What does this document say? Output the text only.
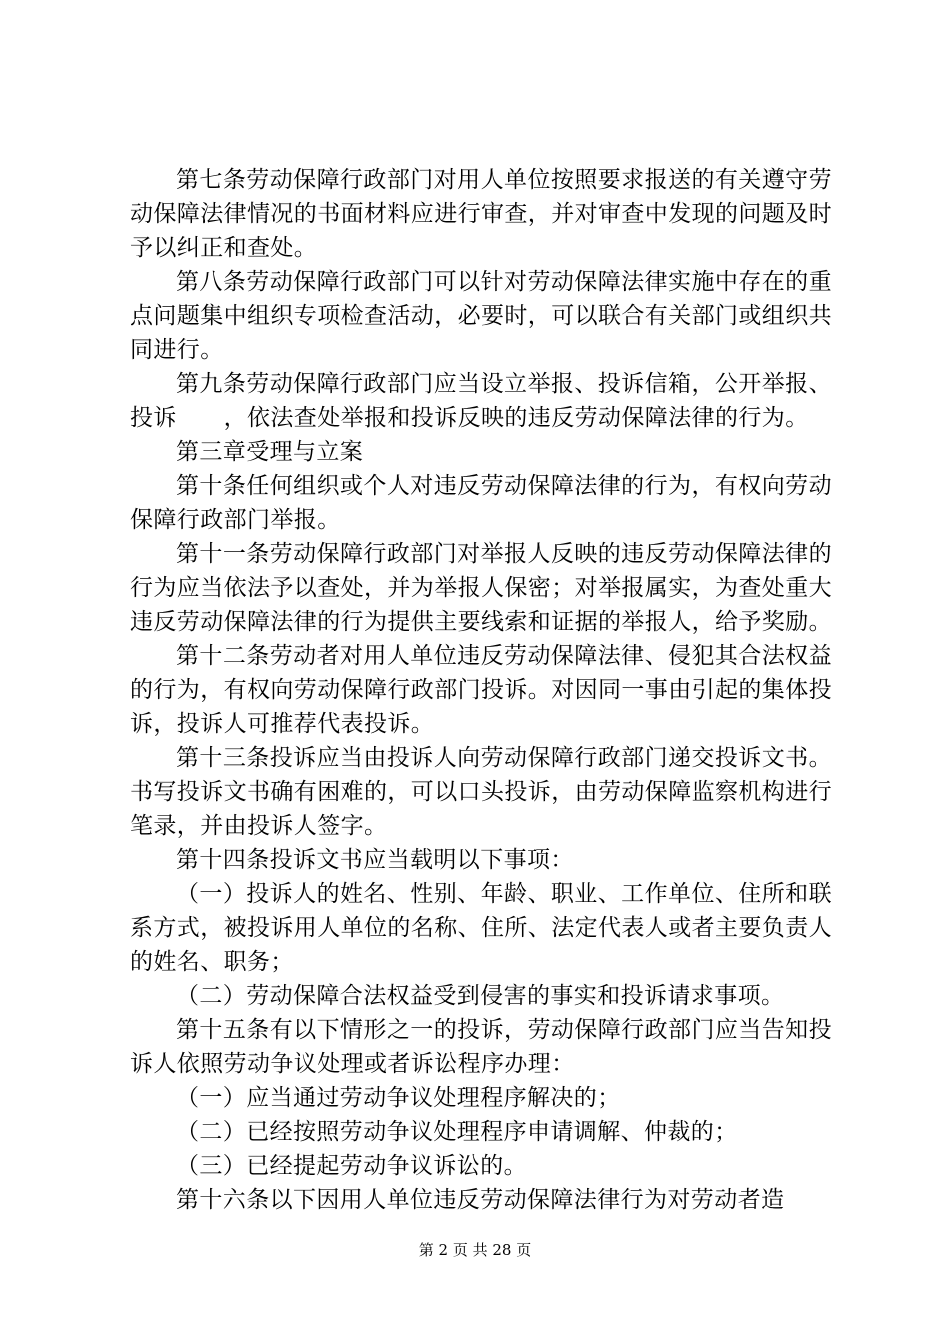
第七条劳动保障行政部门对用人单位按照要求报送的有关遵守劳动保障法律情况的书面材料应进行审查，并对审查中发现的问题及时予以纠正和查处。

第八条劳动保障行政部门可以针对劳动保障法律实施中存在的重点问题集中组织专项检查活动，必要时，可以联合有关部门或组织共同进行。

第九条劳动保障行政部门应当设立举报、投诉信箱，公开举报、投诉　　，依法查处举报和投诉反映的违反劳动保障法律的行为。

第三章受理与立案

第十条任何组织或个人对违反劳动保障法律的行为，有权向劳动保障行政部门举报。

第十一条劳动保障行政部门对举报人反映的违反劳动保障法律的行为应当依法予以查处，并为举报人保密；对举报属实，为查处重大违反劳动保障法律的行为提供主要线索和证据的举报人，给予奖励。

第十二条劳动者对用人单位违反劳动保障法律、侵犯其合法权益的行为，有权向劳动保障行政部门投诉。对因同一事由引起的集体投诉，投诉人可推荐代表投诉。

第十三条投诉应当由投诉人向劳动保障行政部门递交投诉文书。书写投诉文书确有困难的，可以口头投诉，由劳动保障监察机构进行笔录，并由投诉人签字。

第十四条投诉文书应当载明以下事项：

（一）投诉人的姓名、性别、年龄、职业、工作单位、住所和联系方式，被投诉用人单位的名称、住所、法定代表人或者主要负责人的姓名、职务；

（二）劳动保障合法权益受到侵害的事实和投诉请求事项。

第十五条有以下情形之一的投诉，劳动保障行政部门应当告知投诉人依照劳动争议处理或者诉讼程序办理：

（一）应当通过劳动争议处理程序解决的；

（二）已经按照劳动争议处理程序申请调解、仲裁的；

（三）已经提起劳动争议诉讼的。

第十六条以下因用人单位违反劳动保障法律行为对劳动者造

第 2 页 共 28 页
